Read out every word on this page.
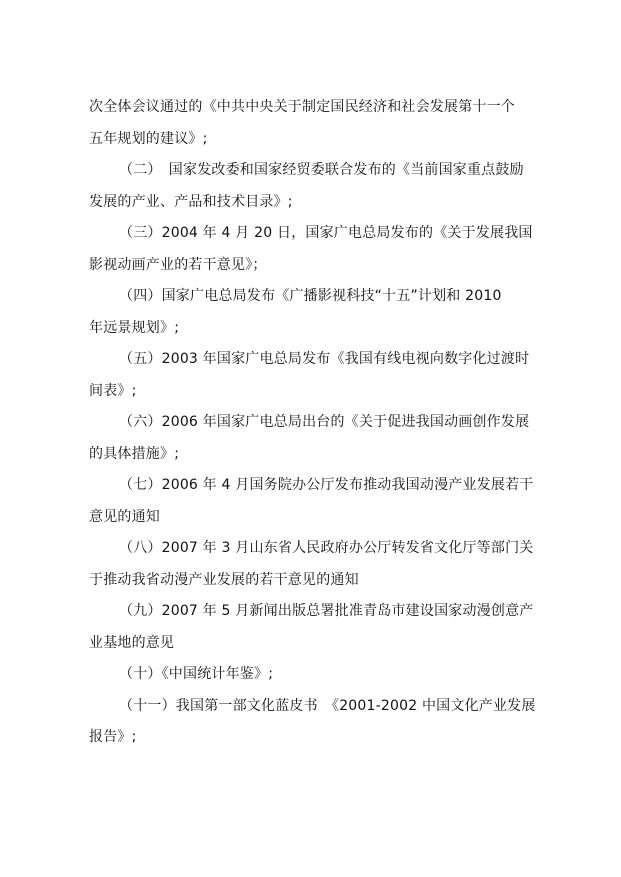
次全体会议通过的《中共中央关于制定国民经济和社会发展第十一个
五年规划的建议》;
（二）　国家发改委和国家经贸委联合发布的《当前国家重点鼓励
发展的产业、产品和技术目录》;
（三）2004 年 4 月 20 日，国家广电总局发布的《关于发展我国
影视动画产业的若干意见》；
（四）国家广电总局发布《广播影视科技“十五”计划和 2010
年远景规划》;
（五）2003 年国家广电总局发布《我国有线电视向数字化过渡时
间表》;
（六）2006 年国家广电总局出台的《关于促进我国动画创作发展
的具体措施》;
（七）2006 年 4 月国务院办公厅发布推动我国动漫产业发展若干
意见的通知
（八）2007 年 3 月山东省人民政府办公厅转发省文化厅等部门关
于推动我省动漫产业发展的若干意见的通知
（九）2007 年 5 月新闻出版总署批准青岛市建设国家动漫创意产
业基地的意见
（十）《中国统计年鉴》;
（十一）我国第一部文化蓝皮书　《2001-2002 中国文化产业发展
报告》;
